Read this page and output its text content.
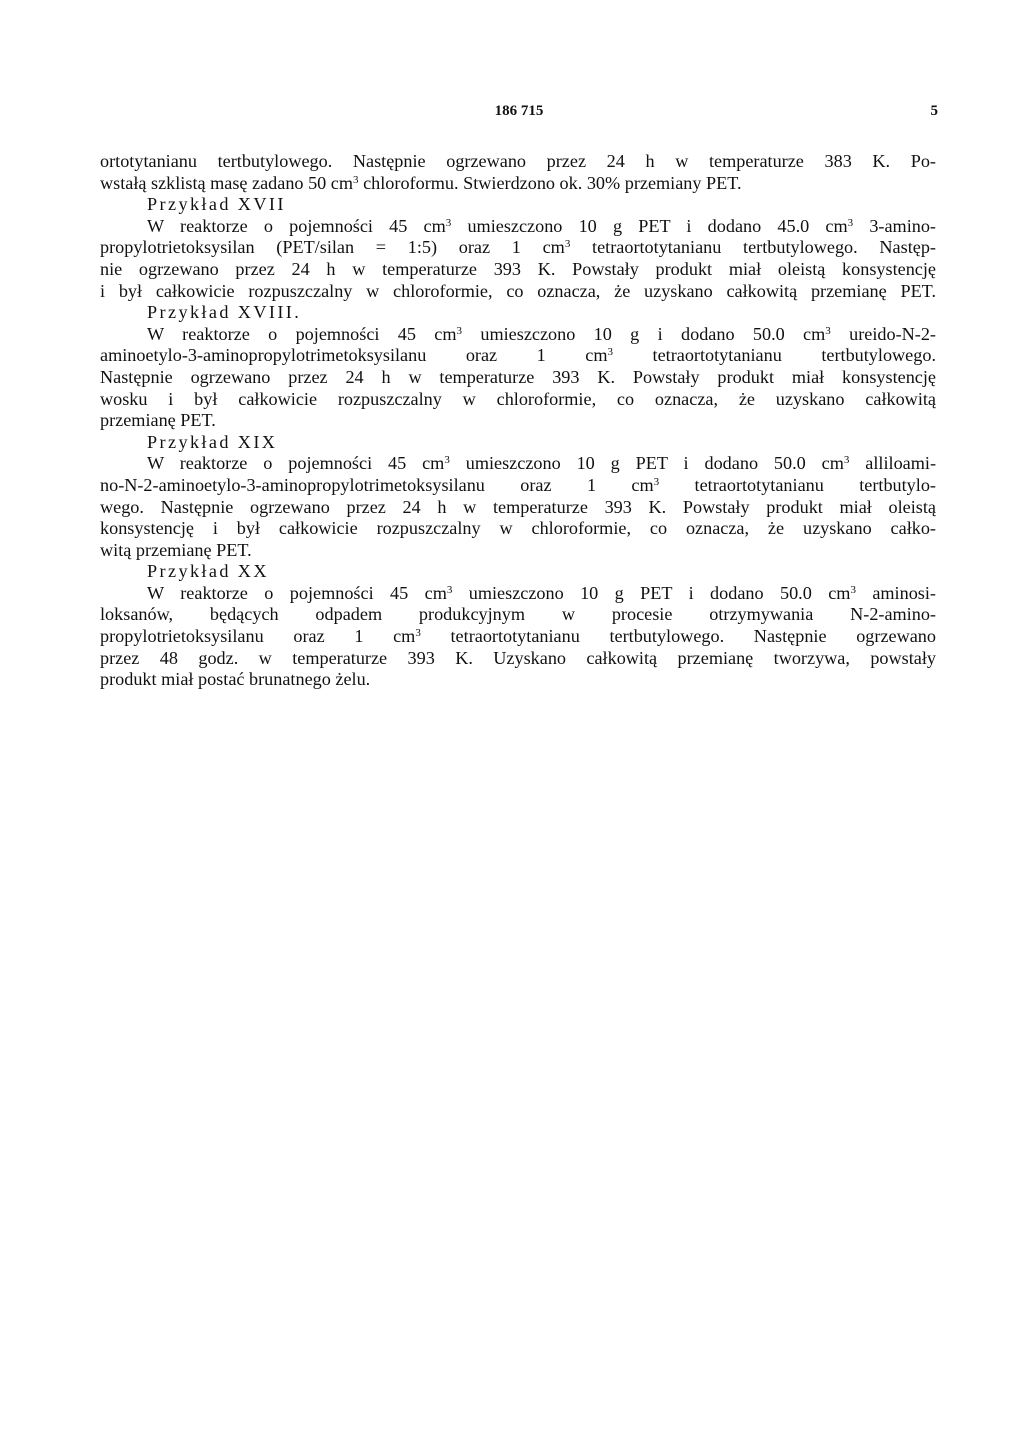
186 715	5
ortotytanianu tertbutylowego. Następnie ogrzewano przez 24 h w temperaturze 383 K. Po-
wstałą szklistą masę zadano 50 $cm^3$ chloroformu. Stwierdzono ok. 30% przemiany PET.
Przykład XVII
W reaktorze o pojemności 45 $cm^3$ umieszczono 10 g PET i dodano 45.0 $cm^3$ 3-amino-
propylotrietoksysilan (PET/silan = 1:5) oraz 1 $cm^3$ tetraortotytanianu tertbutylowego. Następ-
nie ogrzewano przez 24 h w temperaturze 393 K. Powstały produkt miał oleistą konsystencję
i był całkowicie rozpuszczalny w chloroformie, co oznacza, że uzyskano całkowitą przemianę PET.
Przykład XVIII.
W reaktorze o pojemności 45 $cm^3$ umieszczono 10 g i dodano 50.0 $cm^3$ ureido-N-2-
aminoetylo-3-aminopropylotrimetoksysilanu oraz 1 $cm^3$ tetraortotytanianu tertbutylowego.
Następnie ogrzewano przez 24 h w temperaturze 393 K. Powstały produkt miał konsystencję
wosku i był całkowicie rozpuszczalny w chloroformie, co oznacza, że uzyskano całkowitą
przemianę PET.
Przykład XIX
W reaktorze o pojemności 45 $cm^3$ umieszczono 10 g PET i dodano 50.0 $cm^3$ alliloami-
no-N-2-aminoetylo-3-aminopropylotrimetoksysilanu oraz 1 $cm^3$ tetraortotytanianu tertbutylo-
wego. Następnie ogrzewano przez 24 h w temperaturze 393 K. Powstały produkt miał oleistą
konsystencję i był całkowicie rozpuszczalny w chloroformie, co oznacza, że uzyskano całko-
witą przemianę PET.
Przykład XX
W reaktorze o pojemności 45 $cm^3$ umieszczono 10 g PET i dodano 50.0 $cm^3$ aminosi-
loksanów, będących odpadem produkcyjnym w procesie otrzymywania N-2-amino-
propylotrietoksysilanu oraz 1 $cm^3$ tetraortotytanianu tertbutylowego. Następnie ogrzewano
przez 48 godz. w temperaturze 393 K. Uzyskano całkowitą przemianę tworzywa, powstały
produkt miał postać brunatnego żelu.
